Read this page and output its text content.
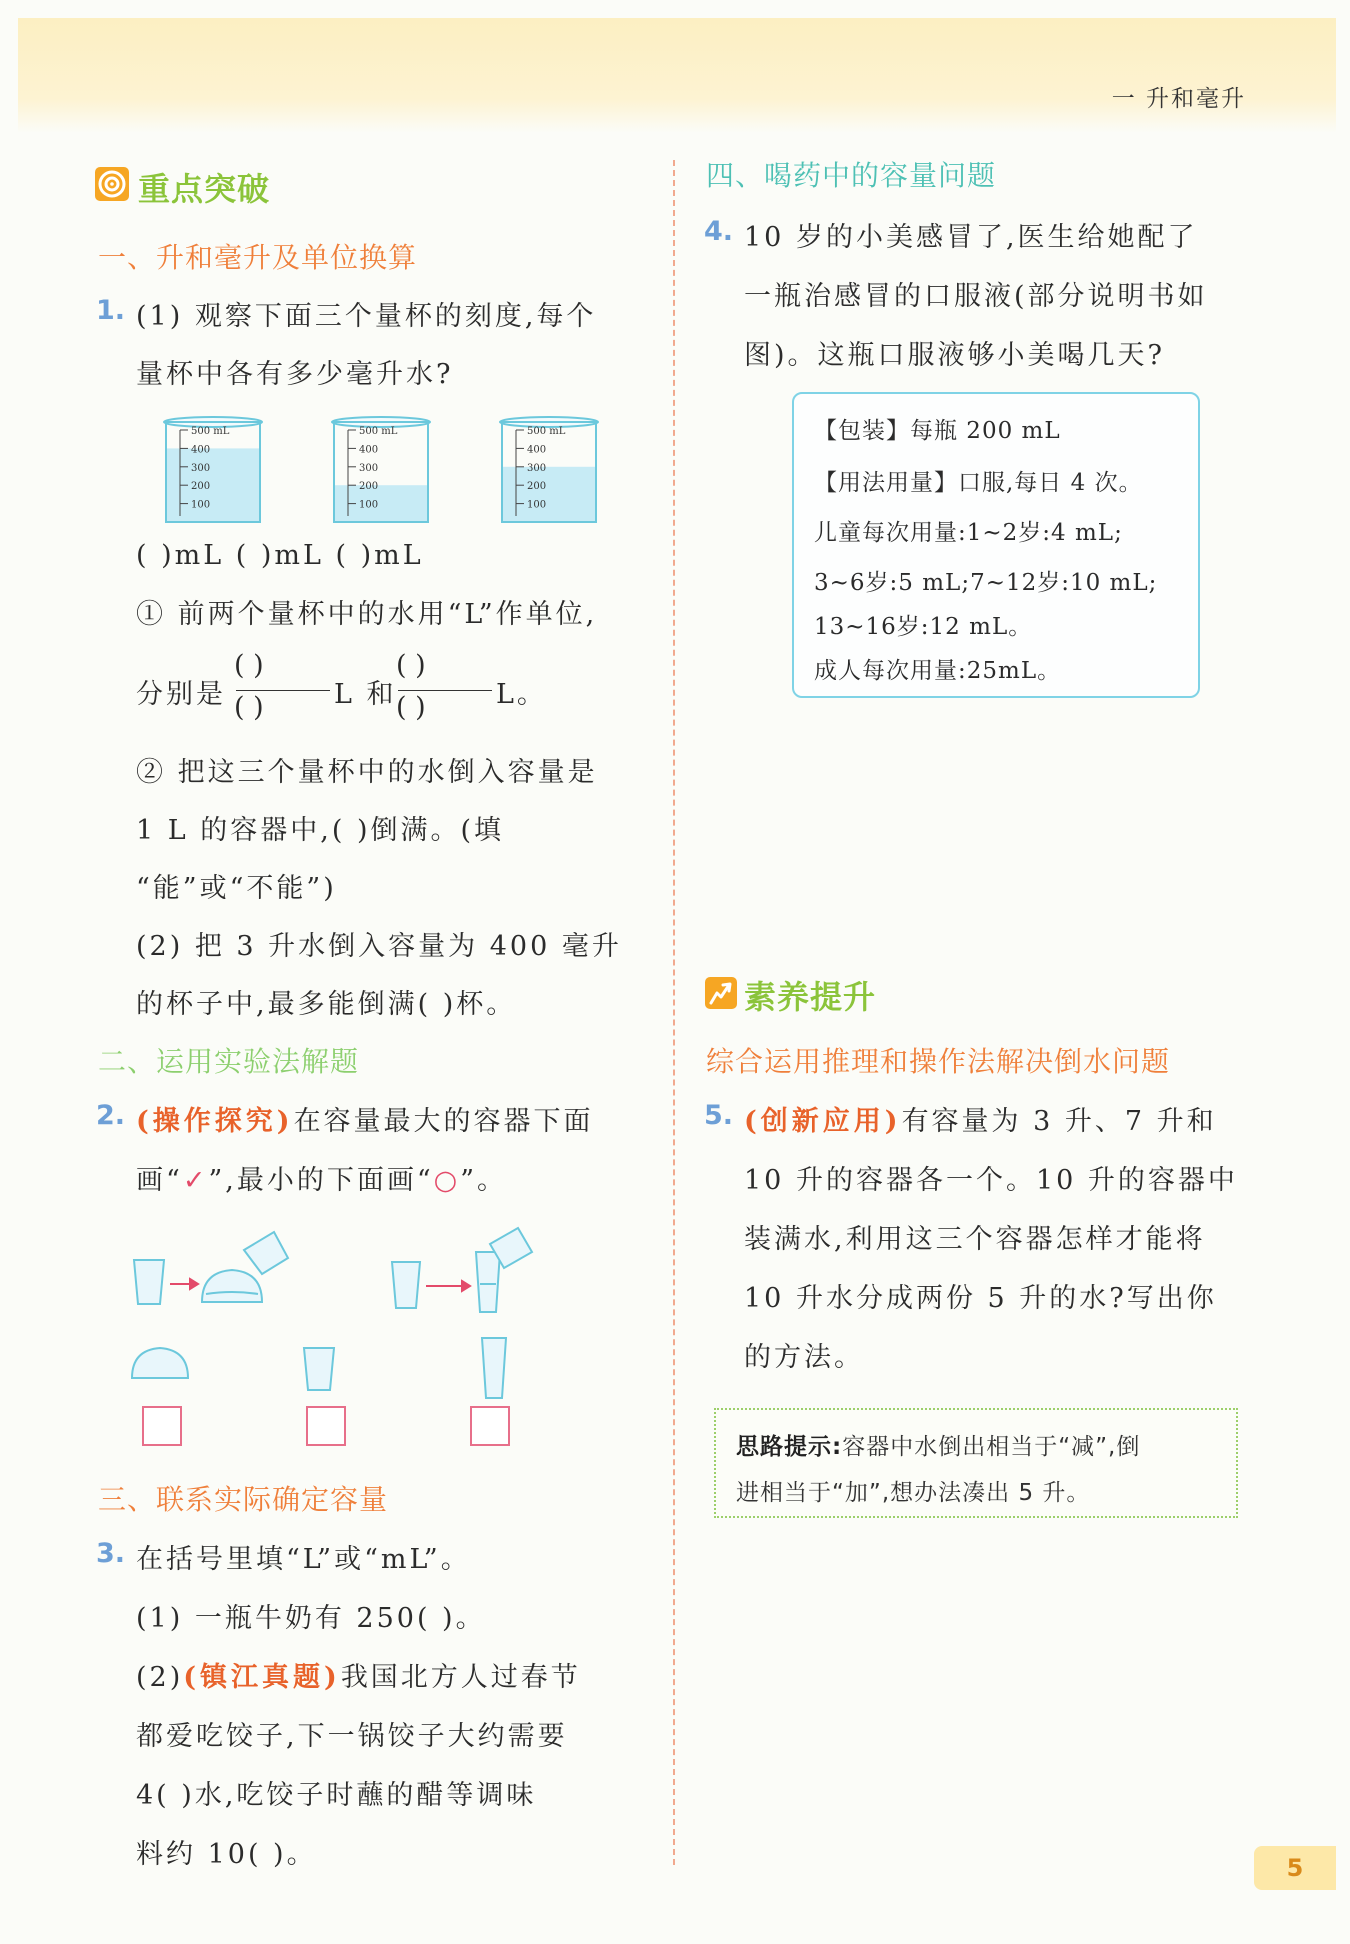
一 升和毫升
重点突破
一、升和毫升及单位换算
1. (1) 观察下面三个量杯的刻度,每个
量杯中各有多少毫升水?
500 mL
400
300
200
100
500 mL
400
300
200
100
500 mL
400
300
200
100
( )mL ( )mL ( )mL
① 前两个量杯中的水用“L”作单位,
分别是
( )
( )	L 和
( )
( )	L。
② 把这三个量杯中的水倒入容量是
1 L 的容器中,( )倒满。(填
“能”或“不能”)
(2) 把 3 升水倒入容量为 400 毫升
的杯子中,最多能倒满( )杯。
二、运用实验法解题
2. (操作探究)在容量最大的容器下面
画“✓”,最小的下面画“○”。
三、联系实际确定容量
3. 在括号里填“L”或“mL”。
(1) 一瓶牛奶有 250( )。
(2)(镇江真题)我国北方人过春节
都爱吃饺子,下一锅饺子大约需要
4( )水,吃饺子时蘸的醋等调味
料约 10( )。
四、喝药中的容量问题
4. 10 岁的小美感冒了,医生给她配了
一瓶治感冒的口服液(部分说明书如
图)。这瓶口服液够小美喝几天?
【包装】每瓶 200 mL
【用法用量】口服,每日 4 次。
儿童每次用量:1~2岁:4 mL;
3~6岁:5 mL;7~12岁:10 mL;
13~16岁:12 mL。
成人每次用量:25mL。
素养提升
综合运用推理和操作法解决倒水问题
5. (创新应用)有容量为 3 升、7 升和
10 升的容器各一个。10 升的容器中
装满水,利用这三个容器怎样才能将
10 升水分成两份 5 升的水?写出你
的方法。
思路提示:容器中水倒出相当于“减”,倒
进相当于“加”,想办法凑出 5 升。
5
